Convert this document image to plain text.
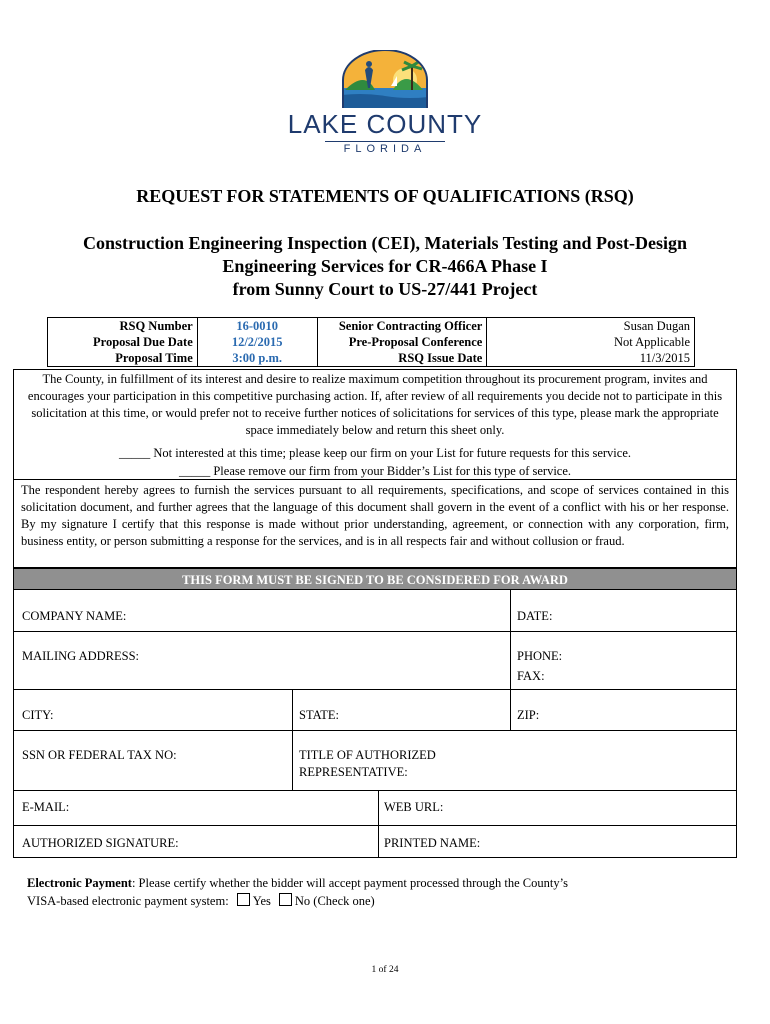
LAKE COUNTY
FLORIDA
REQUEST FOR STATEMENTS OF QUALIFICATIONS (RSQ)
Construction Engineering Inspection (CEI), Materials Testing and Post-Design
Engineering Services for CR-466A Phase I
from Sunny Court to US-27/441 Project
RSQ Number	16-0010	Senior Contracting Officer	Susan Dugan
Proposal Due Date	12/2/2015	Pre-Proposal Conference	Not Applicable
Proposal Time	3:00 p.m.	RSQ Issue Date	11/3/2015

The County, in fulfillment of its interest and desire to realize maximum competition throughout its procurement program, invites and encourages your participation in this competitive purchasing action. If, after review of all requirements you decide not to participate in this solicitation at this time, or would prefer not to receive further notices of solicitations for services of this type, please mark the appropriate space immediately below and return this sheet only.

_____ Not interested at this time; please keep our firm on your List for future requests for this service.

_____ Please remove our firm from your Bidder’s List for this type of service.

The respondent hereby agrees to furnish the services pursuant to all requirements, specifications, and scope of services contained in this solicitation document, and further agrees that the language of this document shall govern in the event of a conflict with his or her response. By my signature I certify that this response is made without prior understanding, agreement, or connection with any corporation, firm, business entity, or person submitting a response for the services, and is in all respects fair and without collusion or fraud.
THIS FORM MUST BE SIGNED TO BE CONSIDERED FOR AWARD
COMPANY NAME:	DATE:
MAILING ADDRESS:	PHONE:
FAX:
CITY:	STATE:	ZIP:
SSN OR FEDERAL TAX NO:	TITLE OF AUTHORIZED
REPRESENTATIVE:
E-MAIL:	WEB URL:
AUTHORIZED SIGNATURE:	PRINTED NAME:
Electronic Payment: Please certify whether the bidder will accept payment processed through the County’s
VISA-based electronic payment system: Yes No (Check one)
1 of 24
